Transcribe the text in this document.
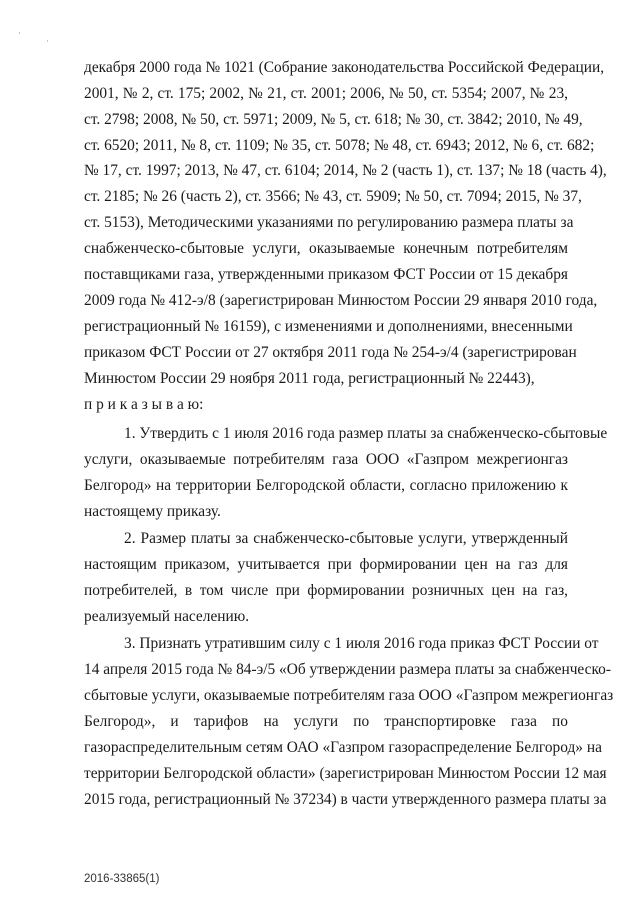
·
·
декабря 2000 года № 1021 (Собрание законодательства Российской Федерации,
2001, № 2, ст. 175; 2002, № 21, ст. 2001; 2006, № 50, ст. 5354; 2007, № 23,
ст. 2798; 2008, № 50, ст. 5971; 2009, № 5, ст. 618; № 30, ст. 3842; 2010, № 49,
ст. 6520; 2011, № 8, ст. 1109; № 35, ст. 5078; № 48, ст. 6943; 2012, № 6, ст. 682;
№ 17, ст. 1997; 2013, № 47, ст. 6104; 2014, № 2 (часть 1), ст. 137; № 18 (часть 4),
ст. 2185; № 26 (часть 2), ст. 3566; № 43, ст. 5909; № 50, ст. 7094; 2015, № 37,
ст. 5153), Методическими указаниями по регулированию размера платы за
снабженческо-сбытовые услуги, оказываемые конечным потребителям
поставщиками газа, утвержденными приказом ФСТ России от 15 декабря
2009 года № 412-э/8 (зарегистрирован Минюстом России 29 января 2010 года,
регистрационный № 16159), с изменениями и дополнениями, внесенными
приказом ФСТ России от 27 октября 2011 года № 254-э/4 (зарегистрирован
Минюстом России 29 ноября 2011 года, регистрационный № 22443),
п р и к а з ы в а ю:
1. Утвердить с 1 июля 2016 года размер платы за снабженческо-сбытовые
услуги, оказываемые потребителям газа ООО «Газпром межрегионгаз
Белгород» на территории Белгородской области, согласно приложению к
настоящему приказу.
2. Размер платы за снабженческо-сбытовые услуги, утвержденный
настоящим приказом, учитывается при формировании цен на газ для
потребителей, в том числе при формировании розничных цен на газ,
реализуемый населению.
3. Признать утратившим силу с 1 июля 2016 года приказ ФСТ России от
14 апреля 2015 года № 84-э/5 «Об утверждении размера платы за снабженческо-
сбытовые услуги, оказываемые потребителям газа ООО «Газпром межрегионгаз
Белгород», и тарифов на услуги по транспортировке газа по
газораспределительным сетям ОАО «Газпром газораспределение Белгород» на
территории Белгородской области» (зарегистрирован Минюстом России 12 мая
2015 года, регистрационный № 37234) в части утвержденного размера платы за
2016-33865(1)
